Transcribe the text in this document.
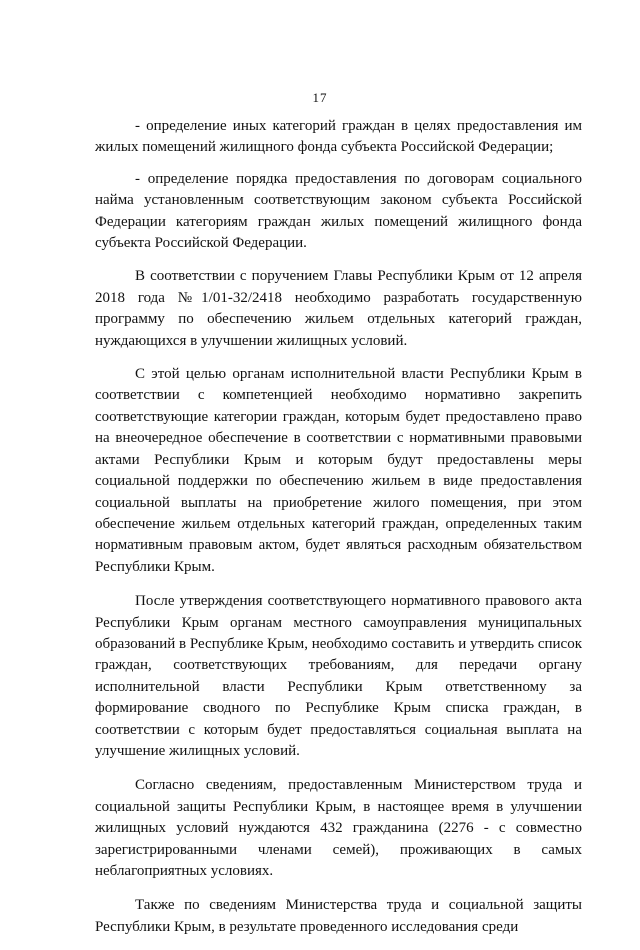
17

- определение иных категорий граждан в целях предоставления им жилых помещений жилищного фонда субъекта Российской Федерации;

- определение порядка предоставления по договорам социального найма установленным соответствующим законом субъекта Российской Федерации категориям граждан жилых помещений жилищного фонда субъекта Российской Федерации.

В соответствии с поручением Главы Республики Крым от 12 апреля 2018 года №1/01-32/2418 необходимо разработать государственную программу по обеспечению жильем отдельных категорий граждан, нуждающихся в улучшении жилищных условий.

С этой целью органам исполнительной власти Республики Крым в соответствии с компетенцией необходимо нормативно закрепить соответствующие категории граждан, которым будет предоставлено право на внеочередное обеспечение в соответствии с нормативными правовыми актами Республики Крым и которым будут предоставлены меры социальной поддержки по обеспечению жильем в виде предоставления социальной выплаты на приобретение жилого помещения, при этом обеспечение жильем отдельных категорий граждан, определенных таким нормативным правовым актом, будет являться расходным обязательством Республики Крым.

После утверждения соответствующего нормативного правового акта Республики Крым органам местного самоуправления муниципальных образований в Республике Крым, необходимо составить и утвердить список граждан, соответствующих требованиям, для передачи органу исполнительной власти Республики Крым ответственному за формирование сводного по Республике Крым списка граждан, в соответствии с которым будет предоставляться социальная выплата на улучшение жилищных условий.

Согласно сведениям, предоставленным Министерством труда и социальной защиты Республики Крым, в настоящее время в улучшении жилищных условий нуждаются 432 гражданина (2276 - с совместно зарегистрированными членами семей), проживающих в самых неблагоприятных условиях.

Также по сведениям Министерства труда и социальной защиты Республики Крым, в результате проведенного исследования среди
